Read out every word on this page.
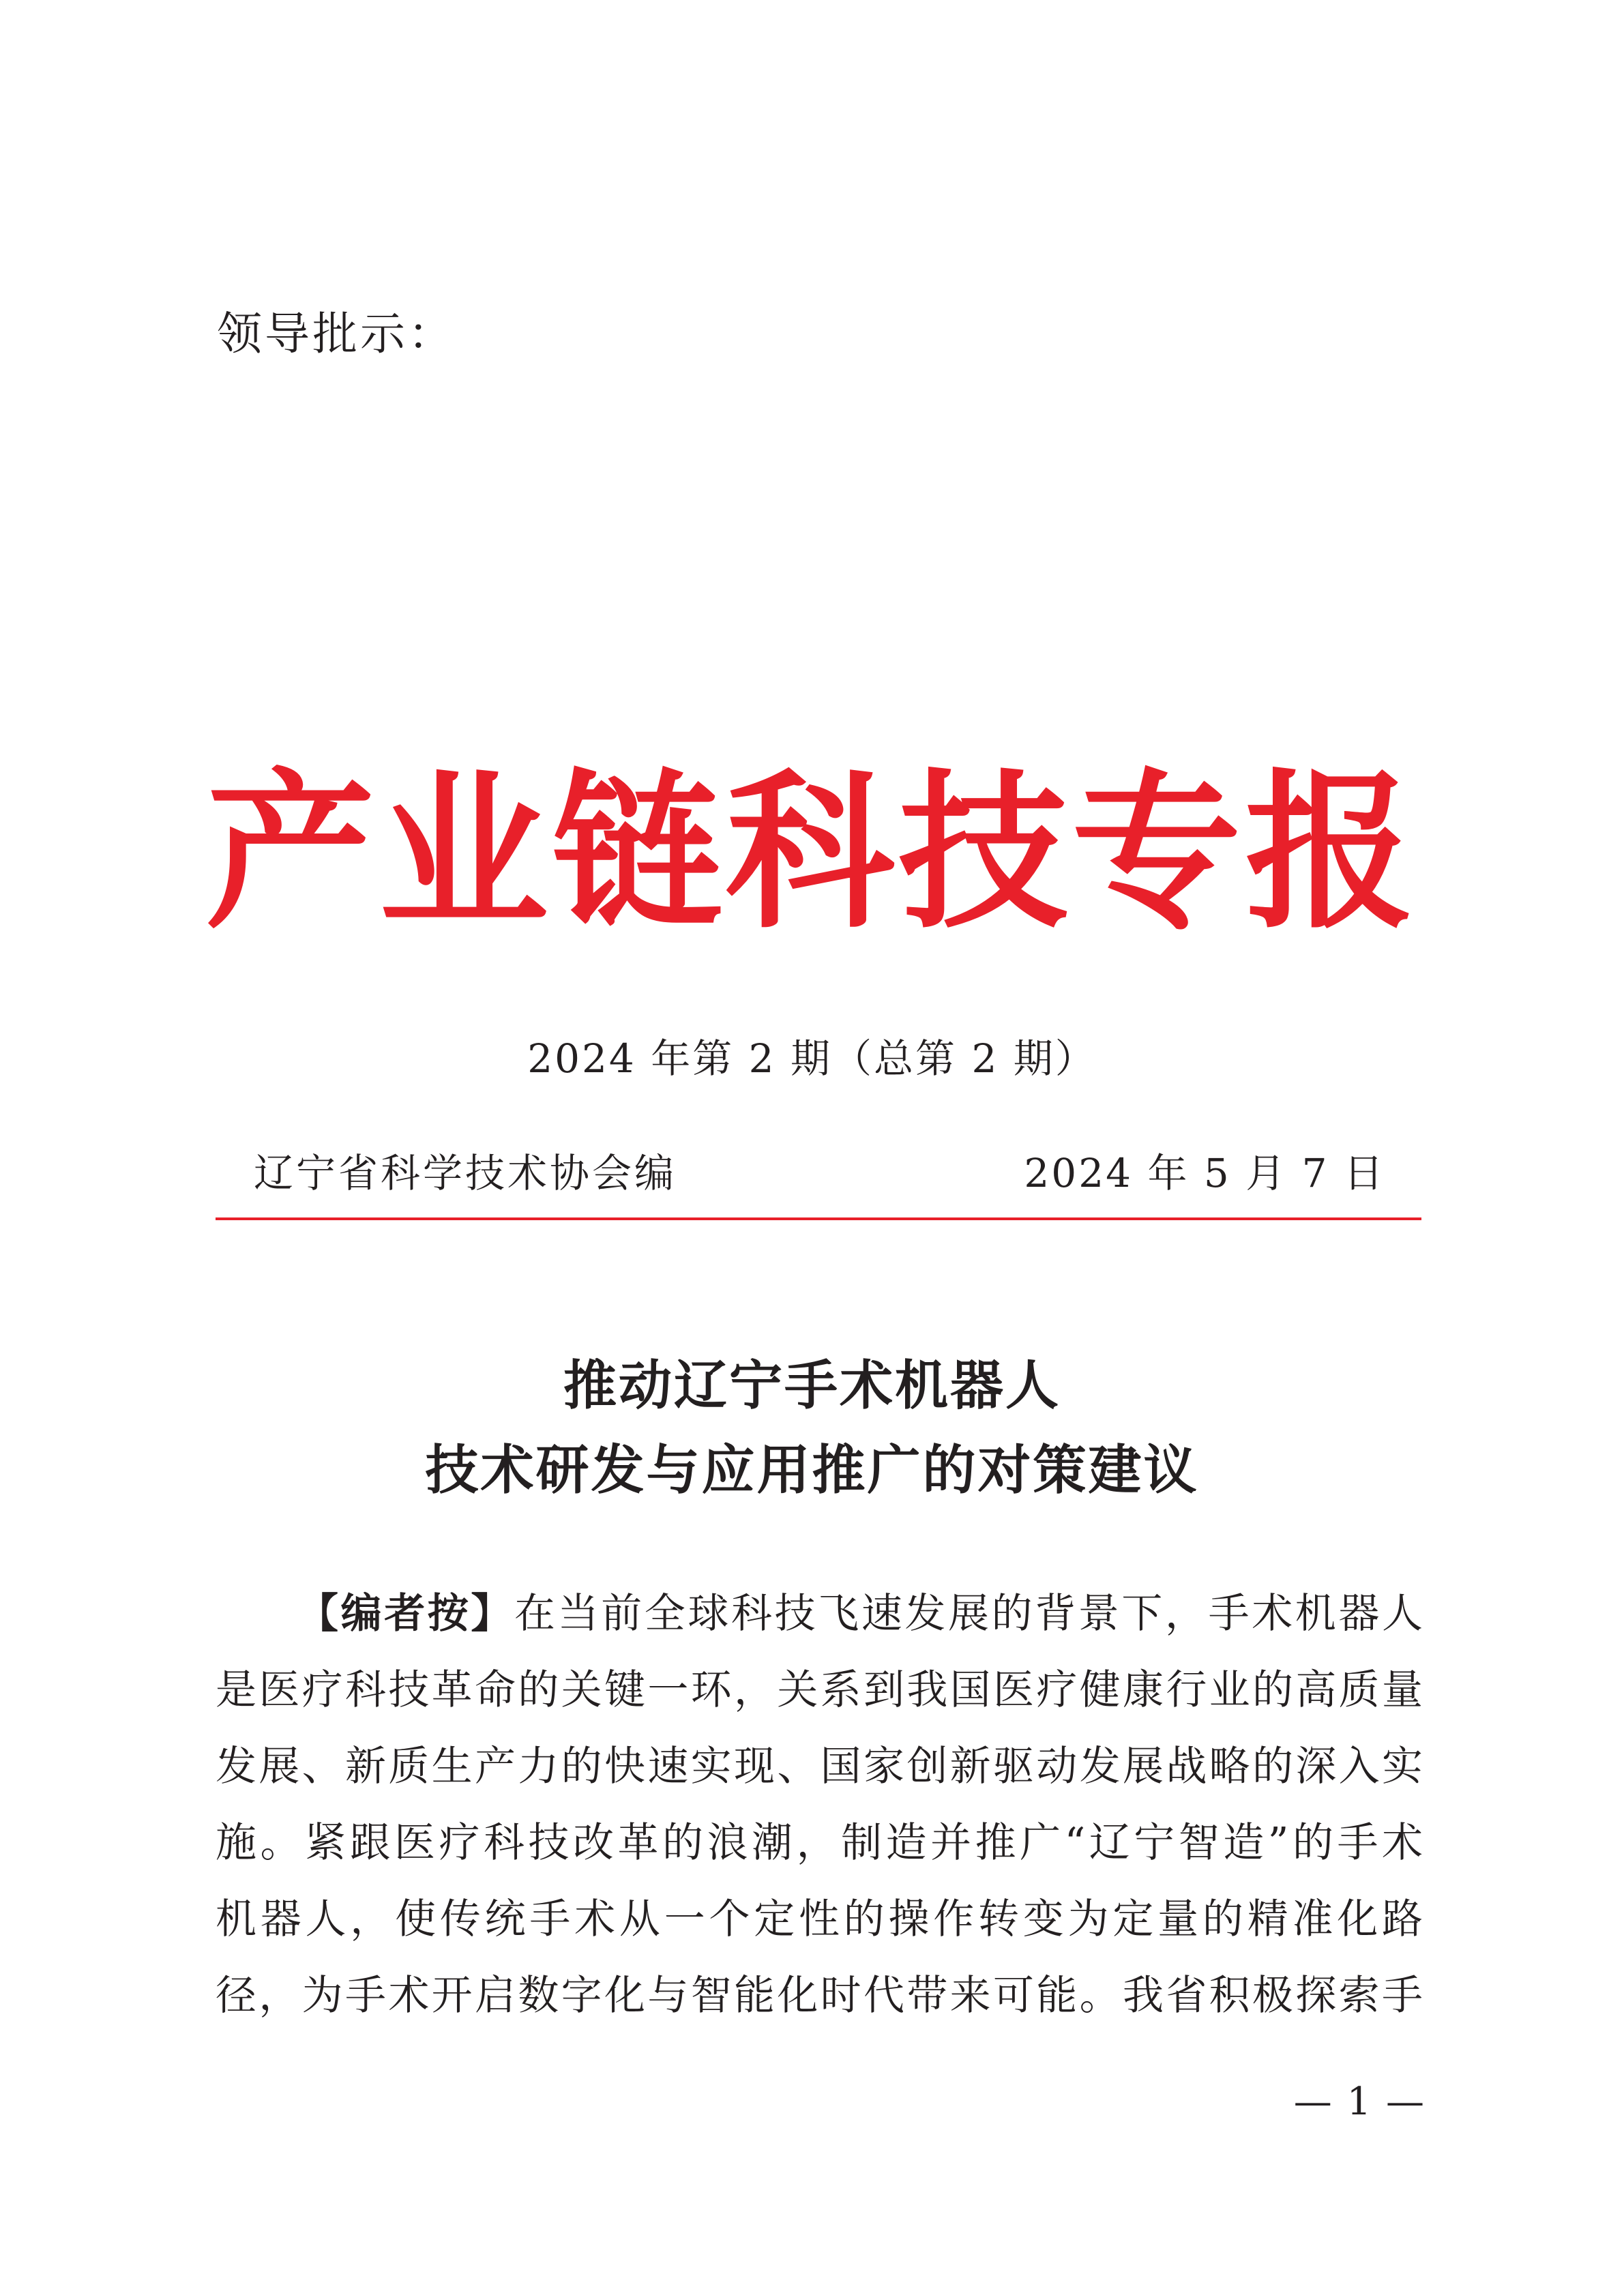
领导批示：
产业链科技专报
2024 年第 2 期（总第 2 期）
辽宁省科学技术协会编	2024 年 5 月 7 日
推动辽宁手术机器人
技术研发与应用推广的对策建议
【编者按】在当前全球科技飞速发展的背景下，手术机器人
是医疗科技革命的关键一环，关系到我国医疗健康行业的高质量
发展、新质生产力的快速实现、国家创新驱动发展战略的深入实
施。紧跟医疗科技改革的浪潮，制造并推广“辽宁智造”的手术
机器人，使传统手术从一个定性的操作转变为定量的精准化路
径，为手术开启数字化与智能化时代带来可能。我省积极探索手
— 1 —
